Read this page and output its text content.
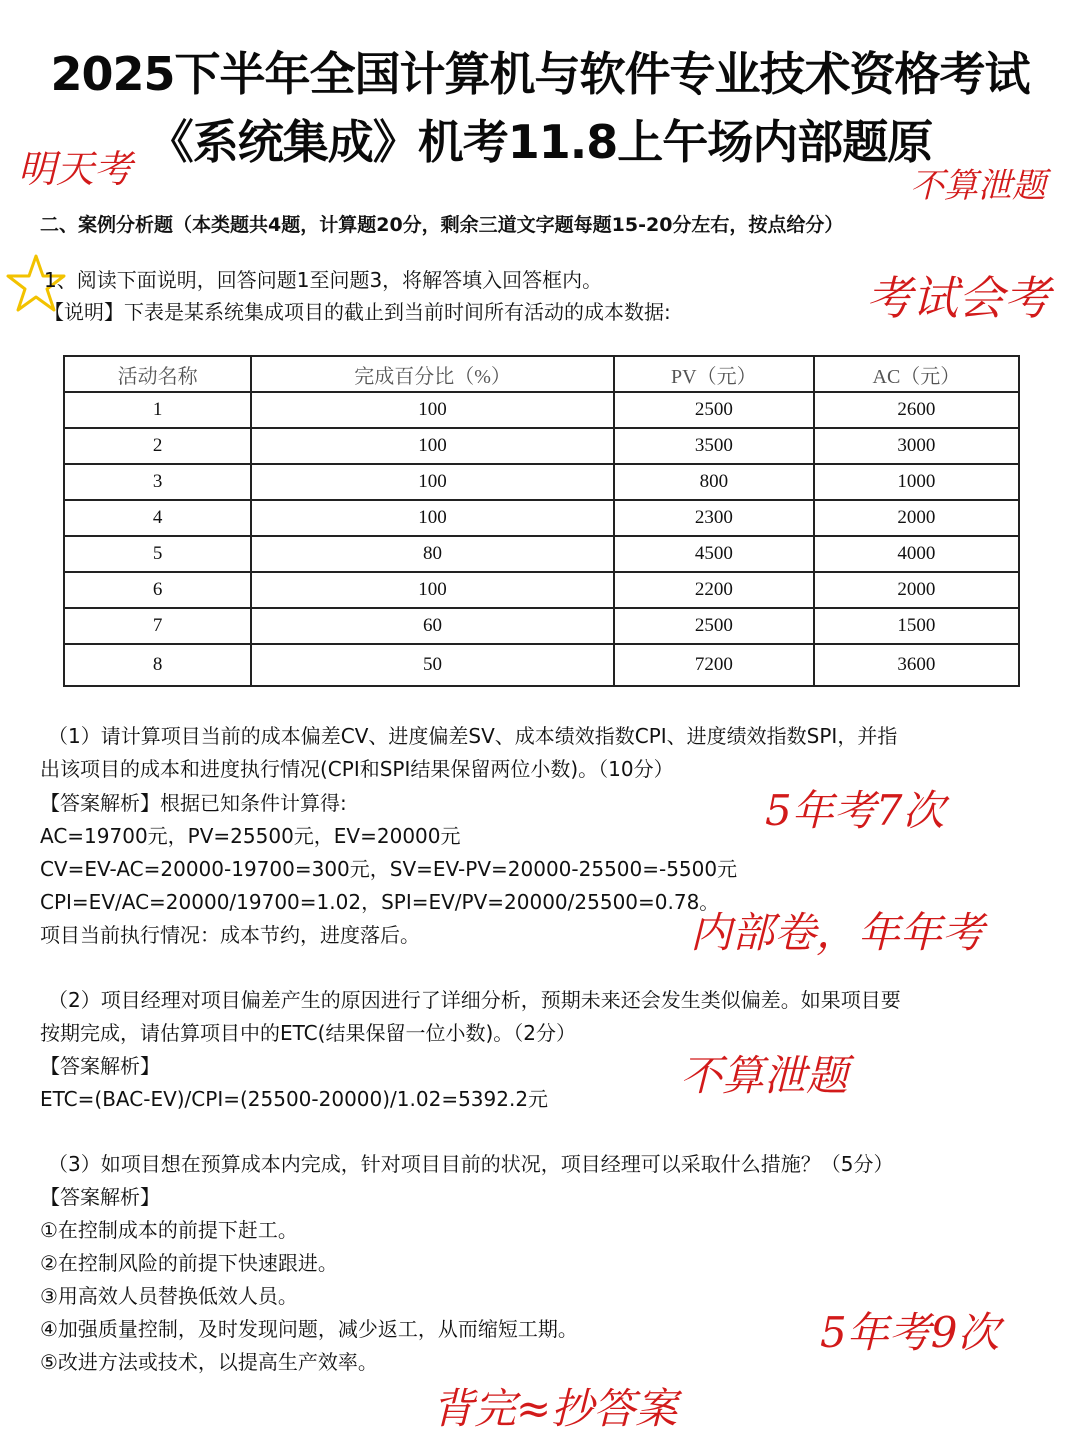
2025下半年全国计算机与软件专业技术资格考试
《系统集成》机考11.8上午场内部题原

明天考	不算泄题

考试会考

二、案例分析题（本类题共4题，计算题20分，剩余三道文字题每题15-20分左右，按点给分）

1、阅读下面说明，回答问题1至问题3，将解答填入回答框内。

【说明】下表是某系统集成项目的截止到当前时间所有活动的成本数据:

活动名称	完成百分比（%）	PV（元）	AC（元）
1	100	2500	2600
2	100	3500	3000
3	100	800	1000
4	100	2300	2000
5	80	4500	4000
6	100	2200	2000
7	60	2500	1500
8	50	7200	3600

（1）请计算项目当前的成本偏差CV、进度偏差SV、成本绩效指数CPI、进度绩效指数SPI，并指

出该项目的成本和进度执行情况(CPI和SPI结果保留两位小数)。（10分）

【答案解析】根据已知条件计算得:

AC=19700元，PV=25500元，EV=20000元

CV=EV-AC=20000-19700=300元，SV=EV-PV=20000-25500=-5500元

CPI=EV/AC=20000/19700=1.02，SPI=EV/PV=20000/25500=0.78。

项目当前执行情况：成本节约，进度落后。

5年考7次

内部卷，年年考

（2）项目经理对项目偏差产生的原因进行了详细分析，预期未来还会发生类似偏差。如果项目要

按期完成，请估算项目中的ETC(结果保留一位小数)。（2分）

【答案解析】

ETC=(BAC-EV)/CPI=(25500-20000)/1.02=5392.2元	不算泄题

（3）如项目想在预算成本内完成，针对项目目前的状况，项目经理可以采取什么措施？（5分）

【答案解析】

①在控制成本的前提下赶工。

②在控制风险的前提下快速跟进。

③用高效人员替换低效人员。

④加强质量控制，及时发现问题，减少返工，从而缩短工期。

⑤改进方法或技术，以提高生产效率。

5年考9次

背完≈抄答案
